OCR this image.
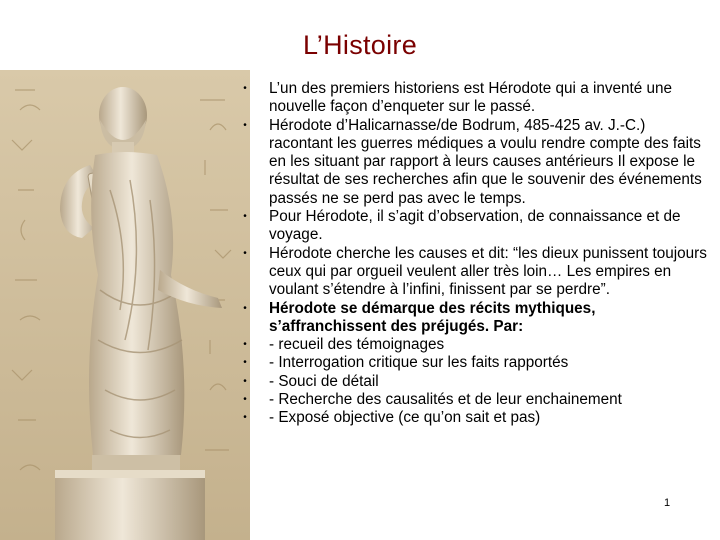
L’Histoire
• L’un des premiers historiens est Hérodote qui a inventé une nouvelle façon d’enqueter sur le passé.
• Hérodote d’Halicarnasse/de Bodrum, 485-425 av. J.-C.) racontant les guerres médiques a voulu rendre compte des faits en les situant par rapport à leurs causes antérieurs Il expose le résultat de ses recherches afin que le souvenir des événements passés ne se perd pas avec le temps.
• Pour Hérodote, il s’agit d’observation, de connaissance et de voyage.
• Hérodote cherche les causes et dit: “les dieux punissent toujours ceux qui par orgueil veulent aller très loin… Les empires en voulant s’étendre à l’infini, finissent par se perdre”.
• Hérodote se démarque des récits mythiques, s’affranchissent des préjugés. Par:
• - recueil des témoignages
• - Interrogation critique sur les faits rapportés
• - Souci de détail
• - Recherche des causalités et de leur enchainement
• - Exposé objective (ce qu’on sait et pas)
1
